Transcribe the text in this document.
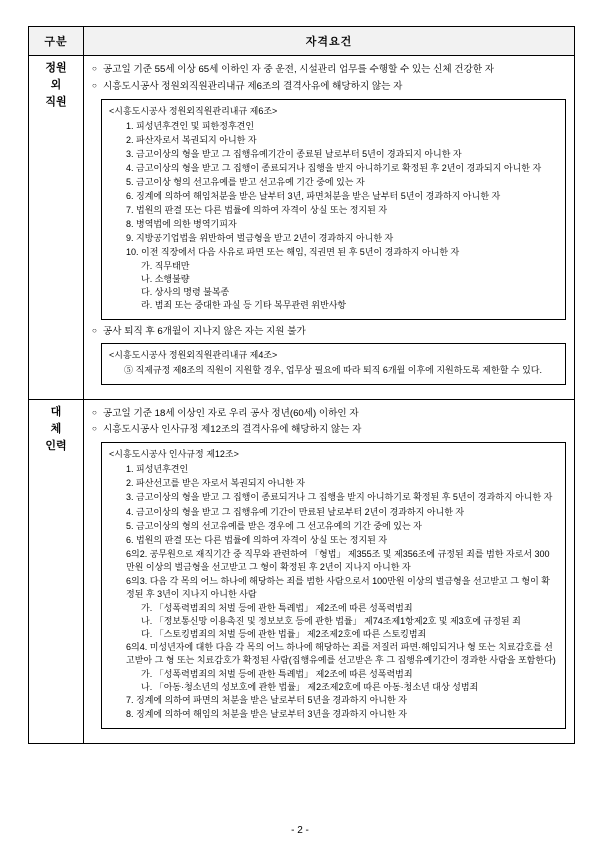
구분	자격요건

정원
외
직원

○ 공고일 기준 55세 이상 65세 이하인 자 중 운전, 시설관리 업무를 수행할 수 있는 신체 건강한 자
○ 시흥도시공사 정원외직원관리내규 제6조의 결격사유에 해당하지 않는 자
<시흥도시공사 정원외직원관리내규 제6조>
1. 피성년후견인 및 피한정후견인
2. 파산자로서 복권되지 아니한 자
3. 금고이상의 형을 받고 그 집행유예기간이 종료된 날로부터 5년이 경과되지 아니한 자
4. 금고이상의 형을 받고 그 집행이 종료되거나 집행을 받지 아니하기로 확정된 후 2년이 경과되지 아니한 자
5. 금고이상 형의 선고유예를 받고 선고유예 기간 중에 있는 자
6. 징계에 의하여 해임처분을 받은 날부터 3년, 파면처분을 받은 날부터 5년이 경과하지 아니한 자
7. 법원의 판결 또는 다른 법률에 의하여 자격이 상실 또는 정지된 자
8. 병역법에 의한 병역기피자
9. 지방공기업법을 위반하여 벌금형을 받고 2년이 경과하지 아니한 자
10. 이전 직장에서 다음 사유로 파면 또는 해임, 직권면 된 후 5년이 경과하지 아니한 자
가. 직무태만
나. 소행불량
다. 상사의 명령 불복종
라. 범죄 또는 중대한 과실 등 기타 복무관련 위반사항
○ 공사 퇴직 후 6개월이 지나지 않은 자는 지원 불가
<시흥도시공사 정원외직원관리내규 제4조>
⑤ 직제규정 제8조의 직원이 지원할 경우, 업무상 필요에 따라 퇴직 6개월 이후에 지원하도록 제한할 수 있다.

대
체
인력

○ 공고일 기준 18세 이상인 자로 우리 공사 정년(60세) 이하인 자
○ 시흥도시공사 인사규정 제12조의 결격사유에 해당하지 않는 자
<시흥도시공사 인사규정 제12조>
1. 피성년후견인
2. 파산선고를 받은 자로서 복권되지 아니한 자
3. 금고이상의 형을 받고 그 집행이 종료되거나 그 집행을 받지 아니하기로 확정된 후 5년이 경과하지 아니한 자
4. 금고이상의 형을 받고 그 집행유예 기간이 만료된 날로부터 2년이 경과하지 아니한 자
5. 금고이상의 형의 선고유예를 받은 경우에 그 선고유예의 기간 중에 있는 자
6. 법원의 판결 또는 다른 법률에 의하여 자격이 상실 또는 정지된 자
6의2. 공무원으로 재직기간 중 직무와 관련하여 「형법」 제355조 및 제356조에 규정된 죄를 범한 자로서 300만원 이상의 벌금형을 선고받고 그 형이 확정된 후 2년이 지나지 아니한 자
6의3. 다음 각 목의 어느 하나에 해당하는 죄를 범한 사람으로서 100만원 이상의 벌금형을 선고받고 그 형이 확정된 후 3년이 지나지 아니한 사람
가. 「성폭력범죄의 처벌 등에 관한 특례법」 제2조에 따른 성폭력범죄
나. 「정보통신망 이용촉진 및 정보보호 등에 관한 법률」 제74조제1항제2호 및 제3호에 규정된 죄
다. 「스토킹범죄의 처벌 등에 관한 법률」 제2조제2호에 따른 스토킹범죄
6의4. 미성년자에 대한 다음 각 목의 어느 하나에 해당하는 죄를 저질러 파면·해임되거나 형 또는 치료감호를 선고받아 그 형 또는 치료감호가 확정된 사람(집행유예를 선고받은 후 그 집행유예기간이 경과한 사람을 포함한다)
가. 「성폭력범죄의 처벌 등에 관한 특례법」 제2조에 따른 성폭력범죄
나. 「아동·청소년의 성보호에 관한 법률」 제2조제2호에 따른 아동·청소년 대상 성범죄
7. 징계에 의하여 파면의 처분을 받은 날로부터 5년을 경과하지 아니한 자
8. 징계에 의하여 해임의 처분을 받은 날로부터 3년을 경과하지 아니한 자
- 2 -
